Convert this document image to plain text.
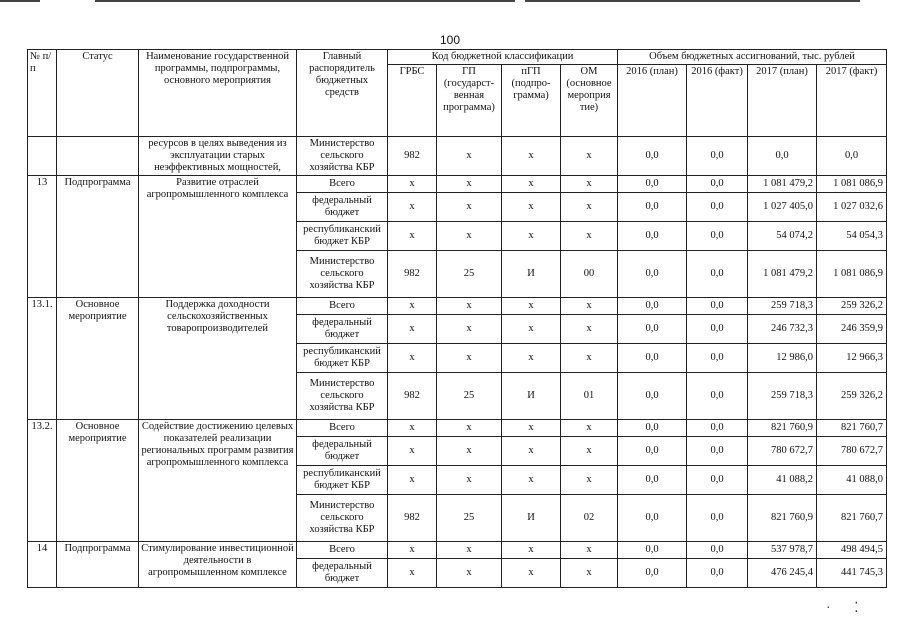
100
№ п/п	Статус	Наименование государственной программы, подпрограммы, основного мероприятия	Главный распорядитель бюджетных средств	Код бюджетной классификации				Объем бюджетных ассигнований, тыс. рублей			
				ГРБС	ГП (государст-венная программа)	пГП (подпро-грамма)	ОМ (основное мероприя тие)	2016 (план)	2016 (факт)	2017 (план)	2017 (факт)
		ресурсов в целях выведения из эксплуатации старых неэффективных мощностей,	Министерство сельского хозяйства КБР	982	x	x	x	0,0	0,0	0,0	0,0
13	Подпрограмма	Развитие отраслей агропромышленного комплекса	Всего	x	x	x	x	0,0	0,0	1 081 479,2	1 081 086,9
			федеральный бюджет	x	x	x	x	0,0	0,0	1 027 405,0	1 027 032,6
			республиканский бюджет КБР	x	x	x	x	0,0	0,0	54 074,2	54 054,3
			Министерство сельского хозяйства КБР	982	25	И	00	0,0	0,0	1 081 479,2	1 081 086,9
13.1.	Основное мероприятие	Поддержка доходности сельскохозяйственных товаропроизводителей	Всего	x	x	x	x	0,0	0,0	259 718,3	259 326,2
			федеральный бюджет	x	x	x	x	0,0	0,0	246 732,3	246 359,9
			республиканский бюджет КБР	x	x	x	x	0,0	0,0	12 986,0	12 966,3
			Министерство сельского хозяйства КБР	982	25	И	01	0,0	0,0	259 718,3	259 326,2
13.2.	Основное мероприятие	Содействие достижению целевых показателей реализации региональных программ развития агропромышленного комплекса	Всего	x	x	x	x	0,0	0,0	821 760,9	821 760,7
			федеральный бюджет	x	x	x	x	0,0	0,0	780 672,7	780 672,7
			республиканский бюджет КБР	x	x	x	x	0,0	0,0	41 088,2	41 088,0
			Министерство сельского хозяйства КБР	982	25	И	02	0,0	0,0	821 760,9	821 760,7
14	Подпрограмма	Стимулирование инвестиционной деятельности в агропромышленном комплексе	Всего	x	x	x	x	0,0	0,0	537 978,7	498 494,5
			федеральный бюджет	x	x	x	x	0,0	0,0	476 245,4	441 745,3
· ⁚
